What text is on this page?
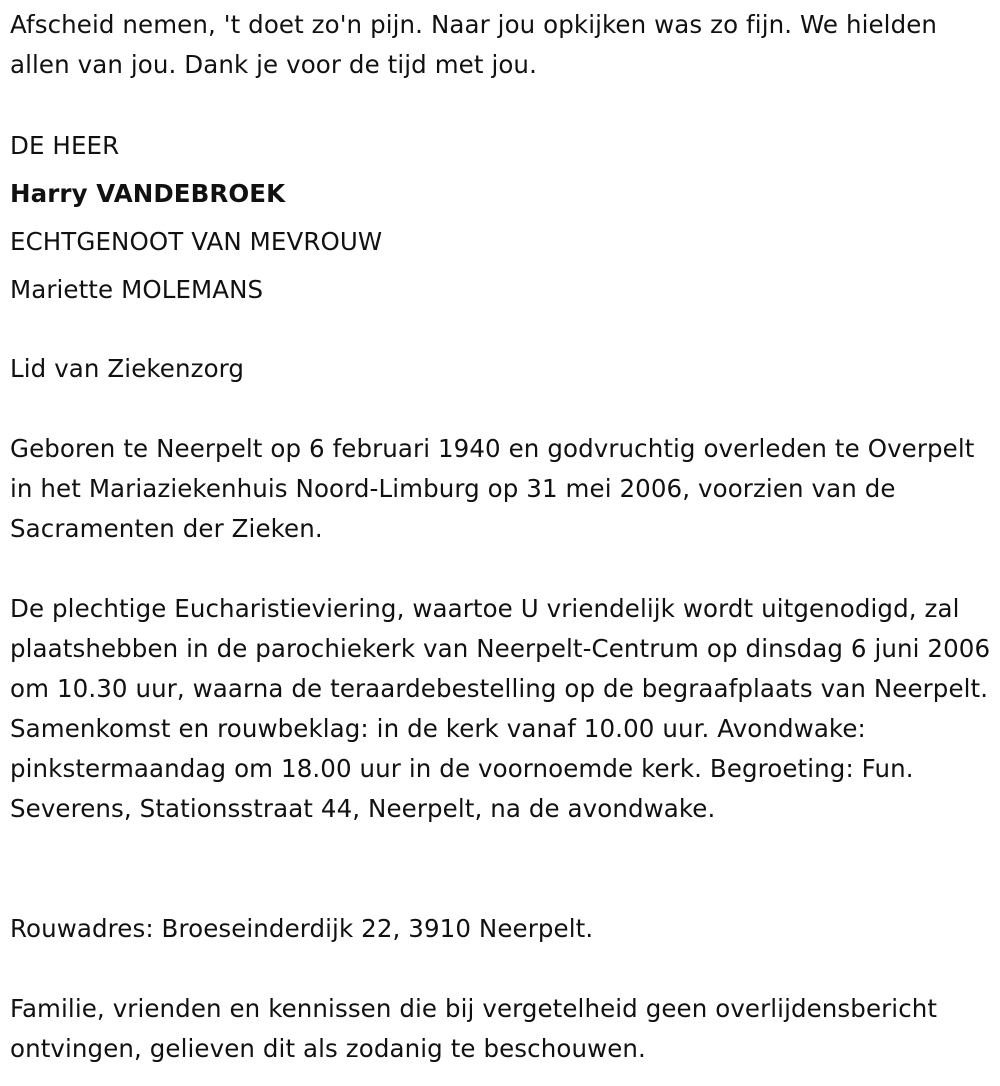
Afscheid nemen, 't doet zo'n pijn. Naar jou opkijken was zo fijn. We hielden allen van jou. Dank je voor de tijd met jou.

DE HEER

Harry VANDEBROEK

ECHTGENOOT VAN MEVROUW

Mariette MOLEMANS

Lid van Ziekenzorg

Geboren te Neerpelt op 6 februari 1940 en godvruchtig overleden te Overpelt in het Mariaziekenhuis Noord-Limburg op 31 mei 2006, voorzien van de Sacramenten der Zieken.

De plechtige Eucharistieviering, waartoe U vriendelijk wordt uitgenodigd, zal plaatshebben in de parochiekerk van Neerpelt-Centrum op dinsdag 6 juni 2006 om 10.30 uur, waarna de teraardebestelling op de begraafplaats van Neerpelt. Samenkomst en rouwbeklag: in de kerk vanaf 10.00 uur. Avondwake: pinkstermaandag om 18.00 uur in de voornoemde kerk. Begroeting: Fun. Severens, Stationsstraat 44, Neerpelt, na de avondwake.

Rouwadres: Broeseinderdijk 22, 3910 Neerpelt.

Familie, vrienden en kennissen die bij vergetelheid geen overlijdensbericht ontvingen, gelieven dit als zodanig te beschouwen.
